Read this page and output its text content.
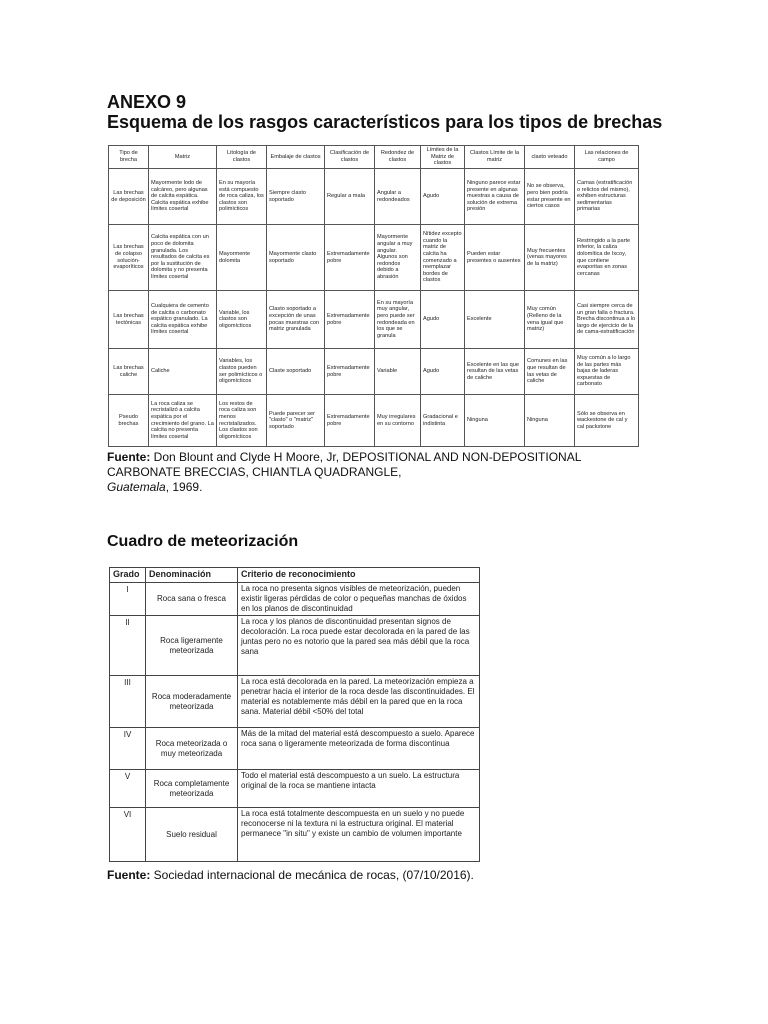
ANEXO 9
Esquema de los rasgos característicos para los tipos de brechas
Tipo de brecha	Matriz	Litología de clastos	Embalaje de clastos	Clasificación de clastos	Redondez de clastos	Límites de la Matriz de clastos	Clastos Límite de la matriz	clasto veteado	Las relaciones de campo
Las brechas de deposición	Mayormente lodo de calcáreo, pero algunas de calcita espática. Calcita espática exhibe límites cosertal	En su mayoría está compuesto de roca caliza, los clastos son polimícticos	Siempre clasto soportado	Regular a mala	Angular a redondeados	Agudo	Ninguno parece estar presente en algunas muestras a causa de solución de extrema presión	No se observa, pero bien podría estar presente en ciertos casos	Camas (estratificación o relictos del mismo), exhiben estructuras sedimentarias primarias
Las brechas de colapso solución-evaporíticos	Calcita espática con un poco de dolomita granulada. Los resultados de calcita es por la sustitución de dolomita y no presenta límites cosertal	Mayormente dolomita	Mayormente clasto soportado	Extremadamente pobre	Mayormente angular a muy angular. Algunos son redondos debido a abrasión	Nítidez excepto cuando la matriz de calcita ha comenzado a reemplazar bordes de clastos	Pueden estar presentes o ausentes	Muy frecuentes (venas mayores de la matriz)	Restringido a la parte inferior, la caliza dolomítica de Ixcoy, que contiene evaporitas en zonas cercanas
Las brechas tectónicas	Cualquiera de cemento de calcita o carbonato espático granulado. La calcita espática exhibe límites cosertal	Variable, los clastos son oligomícticos	Clasto soportado a excepción de unas pocas muestras con matriz granulada	Extremadamente pobre	En su mayoría muy angular, pero puede ser redondeada en los que se granula	Agudo	Excelente	Muy común (Relleno de la vena igual que matriz)	Casi siempre cerca de un gran falla o fractura. Brecha discontinua a lo largo de ejercicio de la de cama-estratificación
Las brechas caliche	Caliche	Variables, los clastos pueden ser polimícticos o oligomícticos	Claste soportado	Extremadamente pobre	Variable	Agudo	Excelente en las que resultan de las vetas de caliche	Comunes en las que resultan de las vetas de caliche	Muy común a lo largo de las partes más bajas de laderas expuestas de carbonato
Pseudo brechas	La roca caliza se recristalizó a calcita espática por el crecimiento del grano. La calcita no presenta límites cosertal	Los restos de roca caliza son menos recristalizados. Los clastos son oligomícticos	Puede parecer ser "clasto" o "matriz" soportado	Extremadamente pobre	Muy irregulares en su contorno	Gradacional e indistinta	Ninguna	Ninguna	Sólo se observa en wackestone de cal y cal packstone
Fuente: Don Blount and Clyde H Moore, Jr, DEPOSITIONAL AND NON-DEPOSITIONAL CARBONATE BRECCIAS, CHIANTLA QUADRANGLE,
Guatemala, 1969.
Cuadro de meteorización
Grado	Denominación	Criterio de reconocimiento
I	Roca sana o fresca	La roca no presenta signos visibles de meteorización, pueden existir ligeras pérdidas de color o pequeñas manchas de óxidos en los planos de discontinuidad
II	Roca ligeramente meteorizada	La roca y los planos de discontinuidad presentan signos de decoloración. La roca puede estar decolorada en la pared de las juntas pero no es notorio que la pared sea más débil que la roca sana
III	Roca moderadamente meteorizada	La roca está decolorada en la pared. La meteorización empieza a penetrar hacia el interior de la roca desde las discontinuidades. El material es notablemente más débil en la pared que en la roca sana. Material débil <50% del total
IV	Roca meteorizada o muy meteorizada	Más de la mitad del material está descompuesto a suelo. Aparece roca sana o ligeramente meteorizada de forma discontinua
V	Roca completamente meteorizada	Todo el material está descompuesto a un suelo. La estructura original de la roca se mantiene intacta
VI	Suelo residual	La roca está totalmente descompuesta en un suelo y no puede reconocerse ni la textura ni la estructura original. El material permanece "in situ" y existe un cambio de volumen importante
Fuente: Sociedad internacional de mecánica de rocas, (07/10/2016).
